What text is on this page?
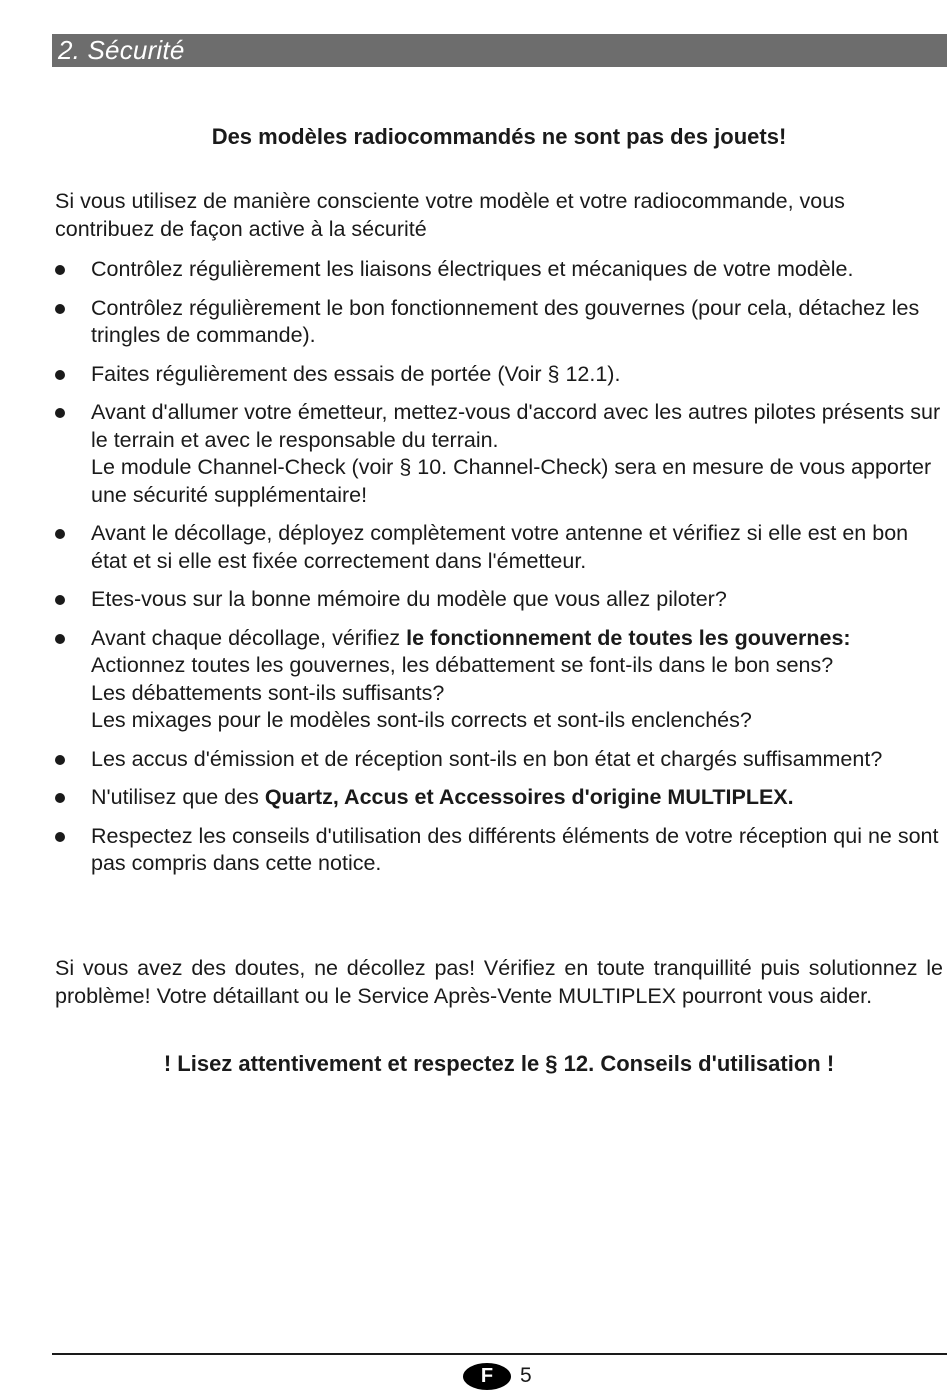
2. Sécurité
Des modèles radiocommandés ne sont pas des jouets!
Si vous utilisez de manière consciente votre modèle et votre radiocommande, vous contribuez de façon active à la sécurité
Contrôlez régulièrement les liaisons électriques et mécaniques de votre modèle.
Contrôlez régulièrement le bon fonctionnement des gouvernes (pour cela, détachez les tringles de commande).
Faites régulièrement des essais de portée (Voir § 12.1).
Avant d'allumer votre émetteur, mettez-vous d'accord avec les autres pilotes présents sur le terrain et avec le responsable du terrain.
Le module Channel-Check (voir § 10. Channel-Check) sera en mesure de vous apporter une sécurité supplémentaire!
Avant le décollage, déployez complètement votre antenne et vérifiez si elle est en bon état et si elle est fixée correctement dans l'émetteur.
Etes-vous sur la bonne mémoire du modèle que vous allez piloter?
Avant chaque décollage, vérifiez le fonctionnement de toutes les gouvernes:
Actionnez toutes les gouvernes, les débattement se font-ils dans le bon sens?
Les débattements sont-ils suffisants?
Les mixages pour le modèles sont-ils corrects et sont-ils enclenchés?
Les accus d'émission et de réception sont-ils en bon état et chargés suffisamment?
N'utilisez que des Quartz, Accus et Accessoires d'origine MULTIPLEX.
Respectez les conseils d'utilisation des différents éléments de votre réception qui ne sont pas compris dans cette notice.
Si vous avez des doutes, ne décollez pas! Vérifiez en toute tranquillité puis solutionnez le problème! Votre détaillant ou le Service Après-Vente MULTIPLEX pourront vous aider.
! Lisez attentivement et respectez le § 12. Conseils d'utilisation !
F	5
